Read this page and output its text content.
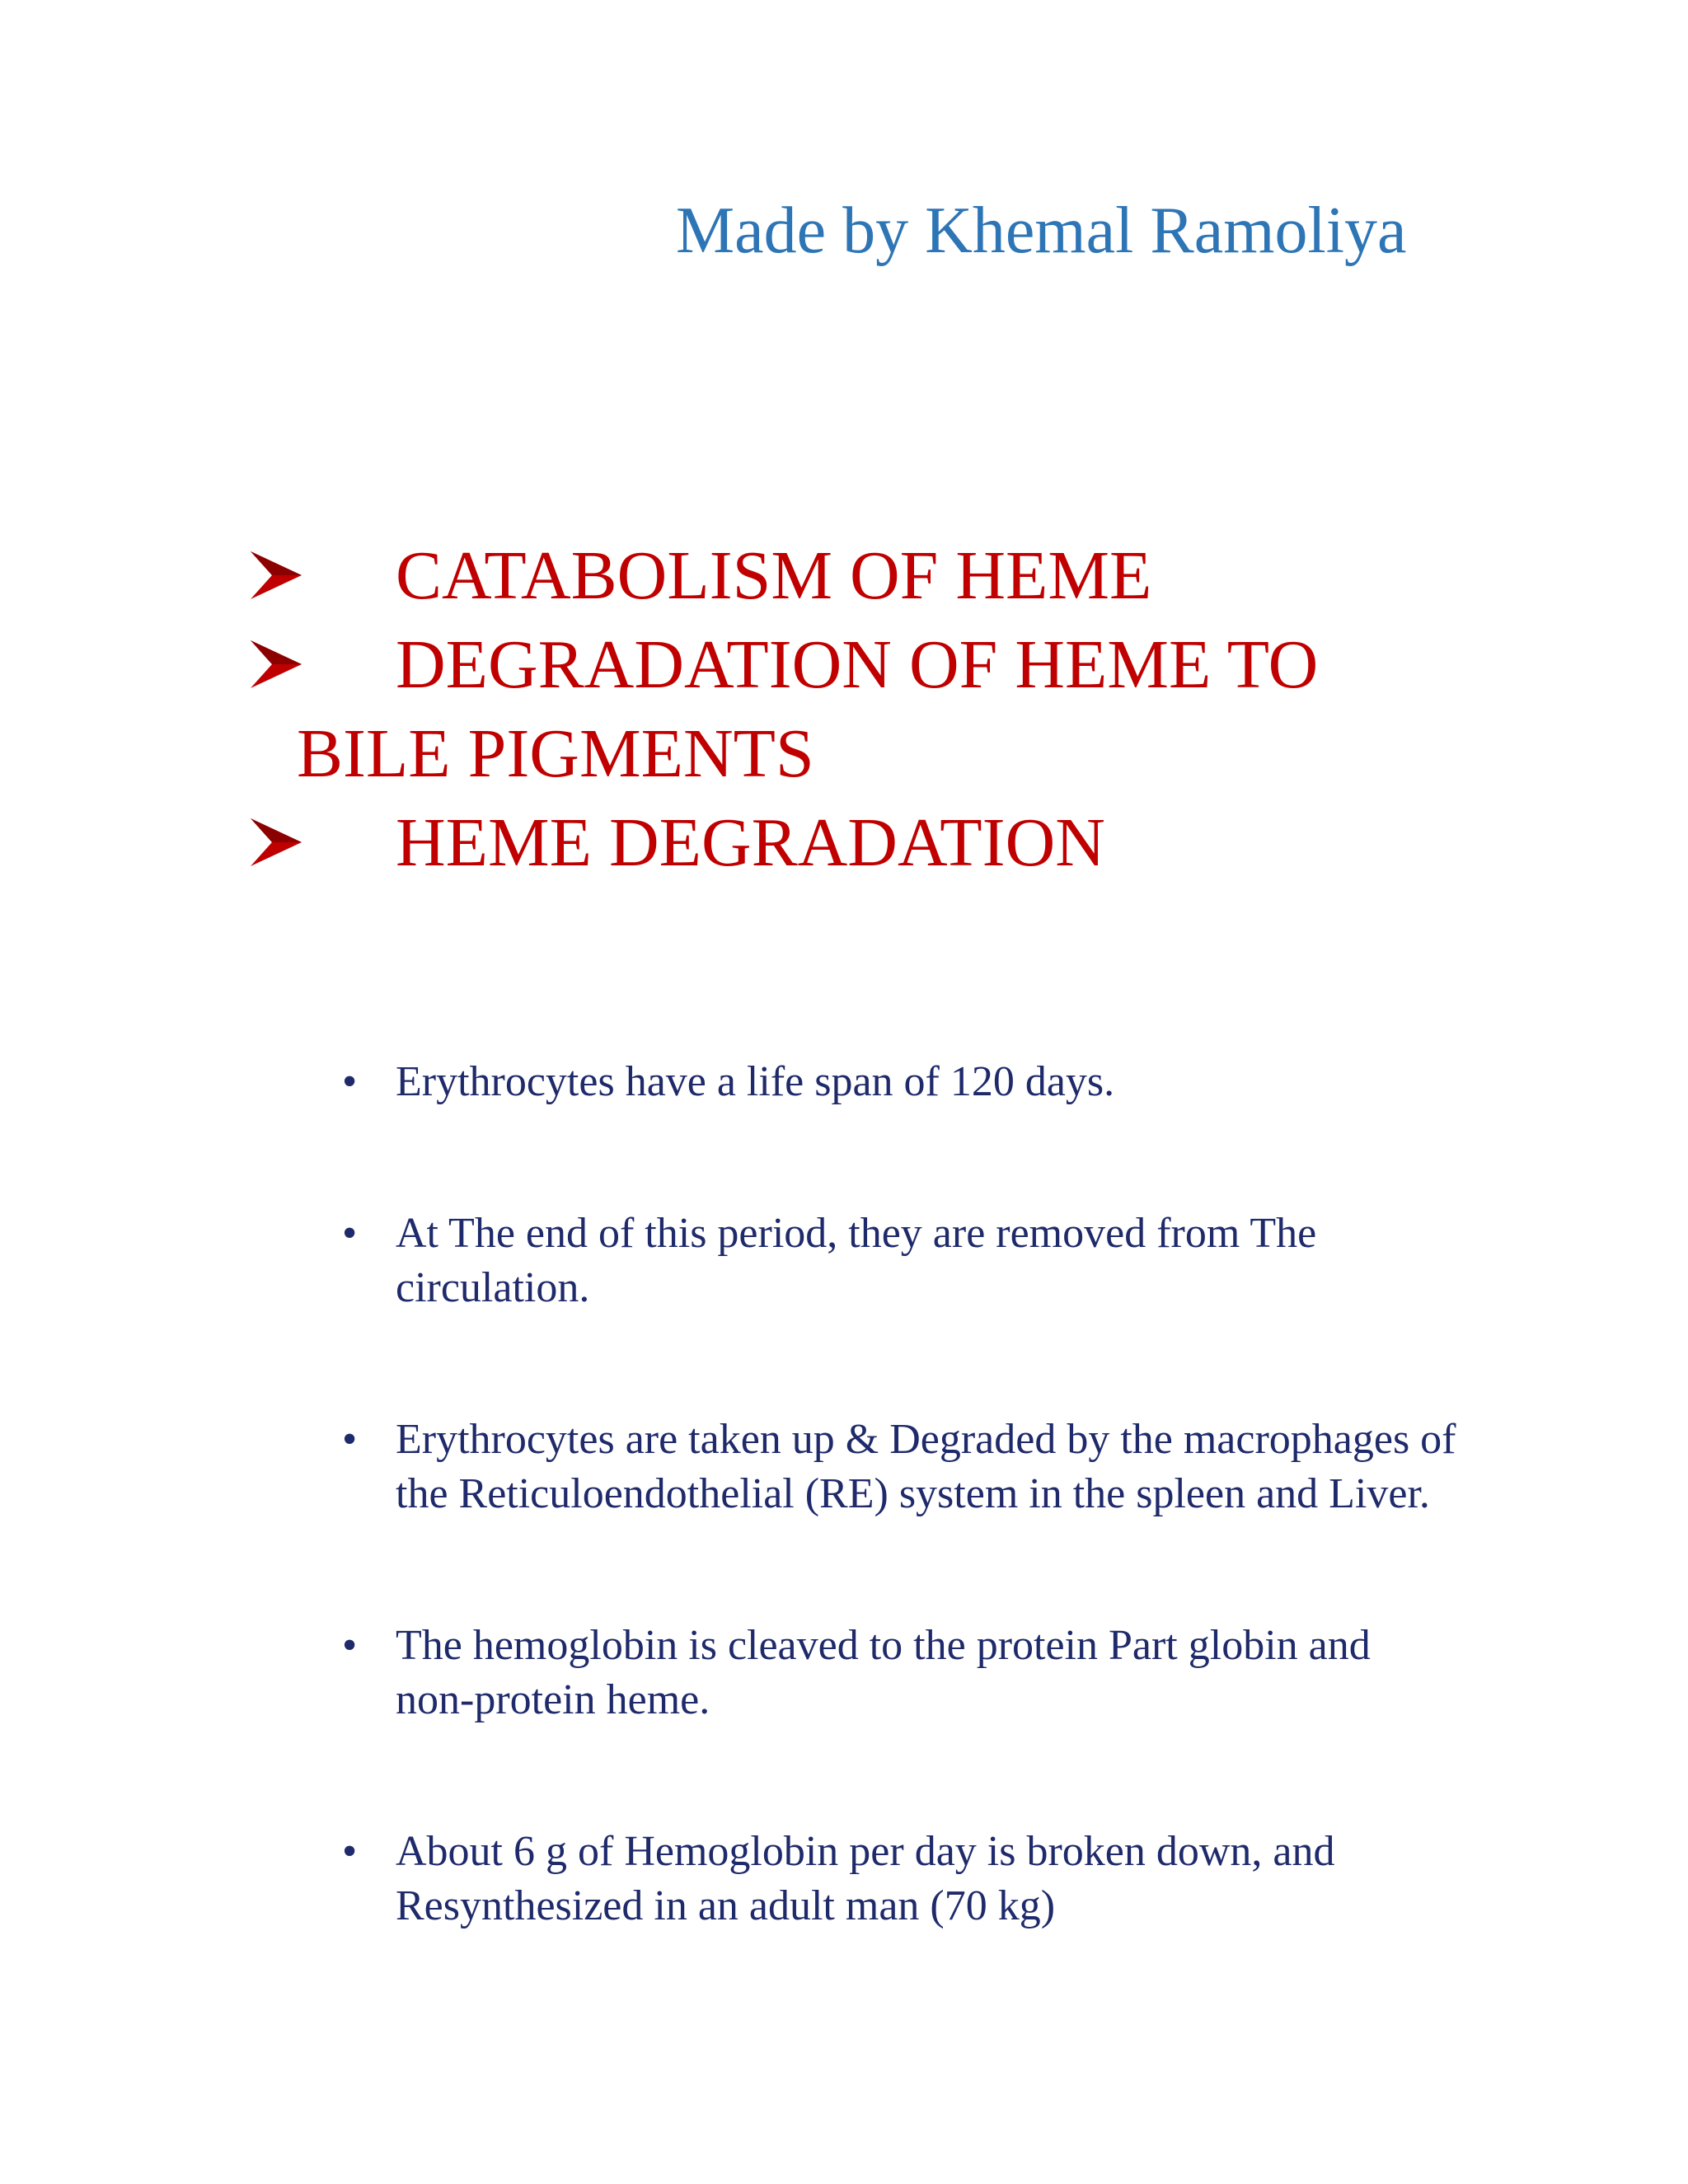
Made by Khemal Ramoliya
CATABOLISM OF HEME
DEGRADATION OF HEME TO
BILE PIGMENTS
HEME DEGRADATION
• Erythrocytes have a life span of 120 days.
• At The end of this period, they are removed from The
circulation.
• Erythrocytes are taken up & Degraded by the macrophages of
the Reticuloendothelial (RE) system in the spleen and Liver.
• The hemoglobin is cleaved to the protein Part globin and
non-protein heme.
• About 6 g of Hemoglobin per day is broken down, and
Resynthesized in an adult man (70 kg)
